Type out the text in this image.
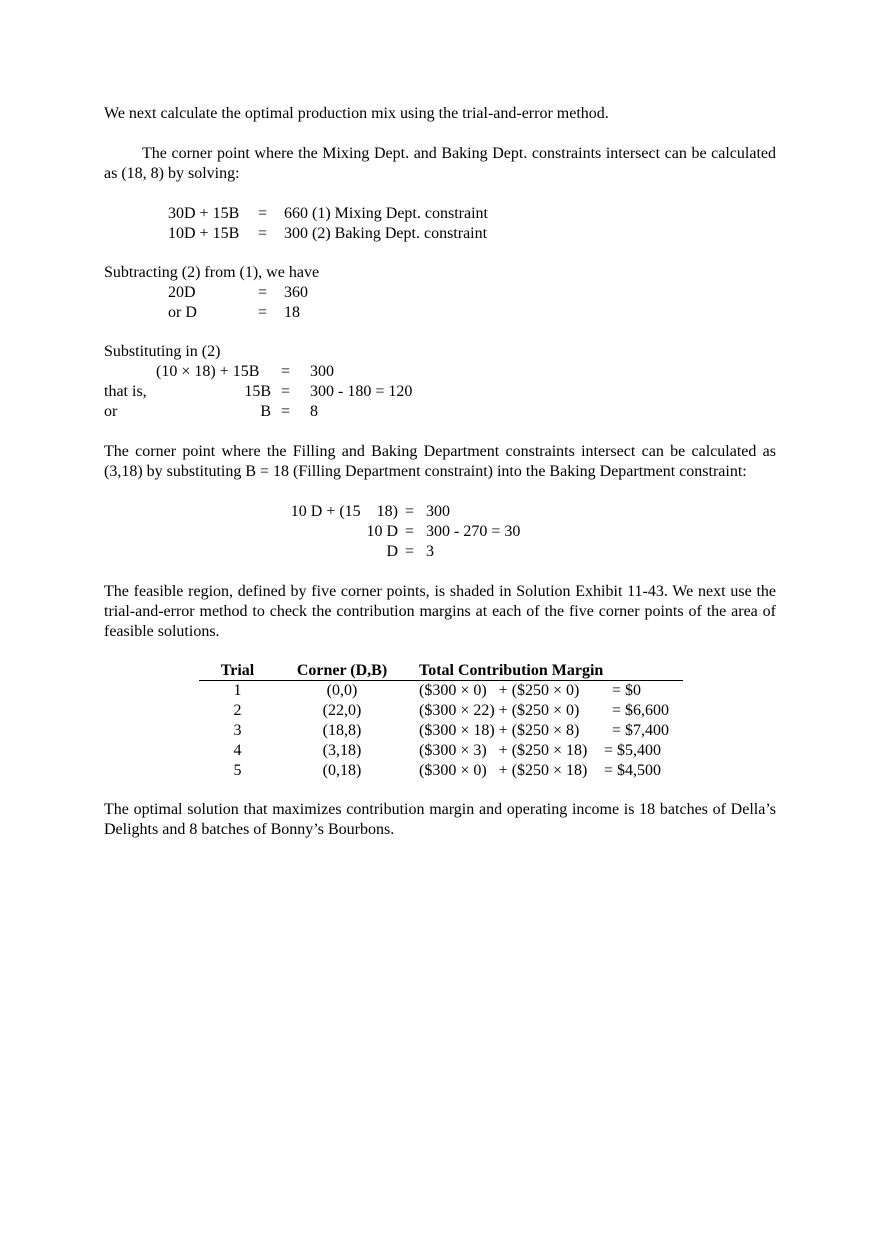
We next calculate the optimal production mix using the trial-and-error method.
The corner point where the Mixing Dept. and Baking Dept. constraints intersect can be calculated as (18, 8) by solving:
30D + 15B = 660 (1) Mixing Dept. constraint
10D + 15B = 300 (2) Baking Dept. constraint
Subtracting (2) from (1), we have
20D	= 360
or D	= 18
Substituting in (2)
(10 × 18) + 15B = 300
that is,	15B = 300 - 180 = 120
or	B = 8
The corner point where the Filling and Baking Department constraints intersect can be calculated as (3,18) by substituting B = 18 (Filling Department constraint) into the Baking Department constraint:
10 D + (15    18) = 300
10 D = 300 - 270 = 30
D = 3
The feasible region, defined by five corner points, is shaded in Solution Exhibit 11-43. We next use the trial-and-error method to check the contribution margins at each of the five corner points of the area of feasible solutions.
Trial	Corner (D,B) Total Contribution Margin
1	(0,0)	($300 × 0)   + ($250 × 0)	= $0
2	(22,0)	($300 × 22) + ($250 × 0)	= $6,600
3	(18,8)	($300 × 18) + ($250 × 8)	= $7,400
4	(3,18)	($300 × 3)   + ($250 × 18)	= $5,400
5	(0,18)	($300 × 0)   + ($250 × 18)	= $4,500
The optimal solution that maximizes contribution margin and operating income is 18 batches of Della’s Delights and 8 batches of Bonny’s Bourbons.
